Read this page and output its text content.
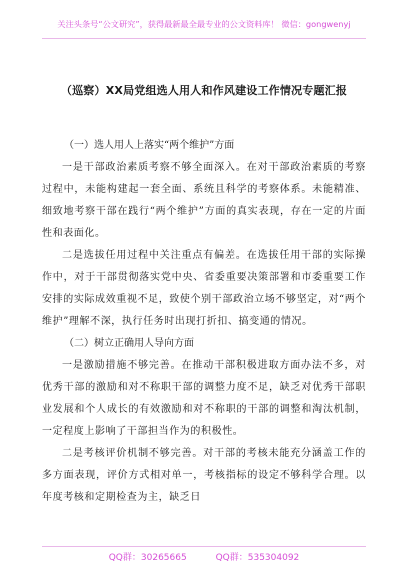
关注头条号“公文研究”，获得最新最全最专业的公文资料库！ 微信：gongwenyj
（巡察）XX局党组选人用人和作风建设工作情况专题汇报

（一）选人用人上落实“两个维护”方面

一是干部政治素质考察不够全面深入。在对干部政治素质的考察过程中，未能构建起一套全面、系统且科学的考察体系。未能精准、细致地考察干部在践行“两个维护”方面的真实表现，存在一定的片面性和表面化。

二是选拔任用过程中关注重点有偏差。在选拔任用干部的实际操作中，对于干部贯彻落实党中央、省委重要决策部署和市委重要工作安排的实际成效重视不足，致使个别干部政治立场不够坚定，对“两个维护”理解不深，执行任务时出现打折扣、搞变通的情况。

（二）树立正确用人导向方面

一是激励措施不够完善。在推动干部积极进取方面办法不多，对优秀干部的激励和对不称职干部的调整力度不足，缺乏对优秀干部职业发展和个人成长的有效激励和对不称职的干部的调整和淘汰机制，一定程度上影响了干部担当作为的积极性。

二是考核评价机制不够完善。对干部的考核未能充分涵盖工作的多方面表现，评价方式相对单一，考核指标的设定不够科学合理。以年度考核和定期检查为主，缺乏日

QQ群：30265665	QQ群：535304092
